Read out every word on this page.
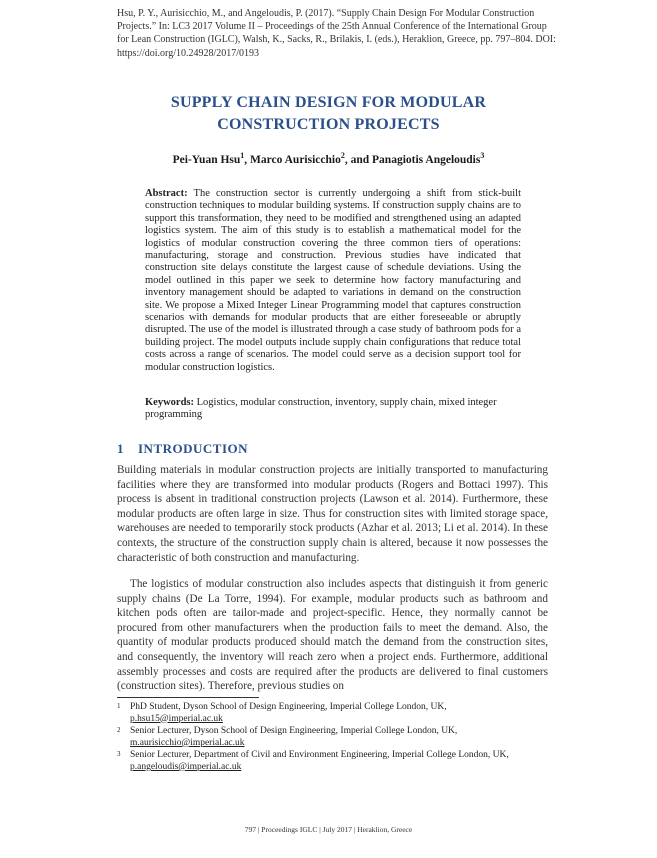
Hsu, P. Y., Aurisicchio, M., and Angeloudis, P. (2017). “Supply Chain Design For Modular Construction Projects.” In: LC3 2017 Volume II – Proceedings of the 25th Annual Conference of the International Group for Lean Construction (IGLC), Walsh, K., Sacks, R., Brilakis, I. (eds.), Heraklion, Greece, pp. 797–804. DOI: https://doi.org/10.24928/2017/0193
SUPPLY CHAIN DESIGN FOR MODULAR
CONSTRUCTION PROJECTS
Pei-Yuan Hsu$^1$, Marco Aurisicchio$^2$, and Panagiotis Angeloudis$^3$
Abstract: The construction sector is currently undergoing a shift from stick-built construction techniques to modular building systems. If construction supply chains are to support this transformation, they need to be modified and strengthened using an adapted logistics system. The aim of this study is to establish a mathematical model for the logistics of modular construction covering the three common tiers of operations: manufacturing, storage and construction. Previous studies have indicated that construction site delays constitute the largest cause of schedule deviations. Using the model outlined in this paper we seek to determine how factory manufacturing and inventory management should be adapted to variations in demand on the construction site. We propose a Mixed Integer Linear Programming model that captures construction scenarios with demands for modular products that are either foreseeable or abruptly disrupted. The use of the model is illustrated through a case study of bathroom pods for a building project. The model outputs include supply chain configurations that reduce total costs across a range of scenarios. The model could serve as a decision support tool for modular construction logistics.
Keywords: Logistics, modular construction, inventory, supply chain, mixed integer programming
1 INTRODUCTION
Building materials in modular construction projects are initially transported to manufacturing facilities where they are transformed into modular products (Rogers and Bottaci 1997). This process is absent in traditional construction projects (Lawson et al. 2014). Furthermore, these modular products are often large in size. Thus for construction sites with limited storage space, warehouses are needed to temporarily stock products (Azhar et al. 2013; Li et al. 2014). In these contexts, the structure of the construction supply chain is altered, because it now possesses the characteristic of both construction and manufacturing.
The logistics of modular construction also includes aspects that distinguish it from generic supply chains (De La Torre, 1994). For example, modular products such as bathroom and kitchen pods often are tailor-made and project-specific. Hence, they normally cannot be procured from other manufacturers when the production fails to meet the demand. Also, the quantity of modular products produced should match the demand from the construction sites, and consequently, the inventory will reach zero when a project ends. Furthermore, additional assembly processes and costs are required after the products are delivered to final customers (construction sites). Therefore, previous studies on
1 PhD Student, Dyson School of Design Engineering, Imperial College London, UK,
p.hsu15@imperial.ac.uk
2 Senior Lecturer, Dyson School of Design Engineering, Imperial College London, UK,
m.aurisicchio@imperial.ac.uk
3 Senior Lecturer, Department of Civil and Environment Engineering, Imperial College London, UK,
p.angeloudis@imperial.ac.uk
797 | Proceedings IGLC | July 2017 | Heraklion, Greece
